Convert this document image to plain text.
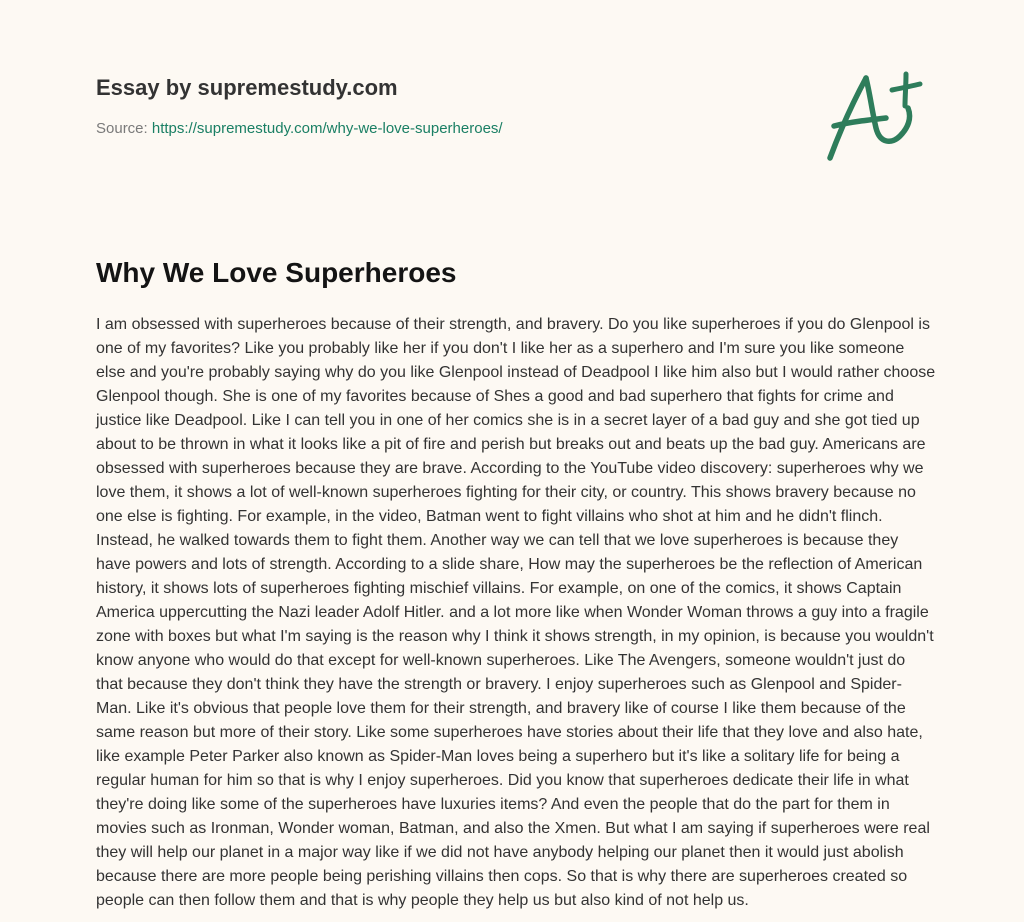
Essay by supremestudy.com
Source: https://supremestudy.com/why-we-love-superheroes/
Why We Love Superheroes

I am obsessed with superheroes because of their strength, and bravery. Do you like superheroes if you do Glenpool is one of my favorites? Like you probably like her if you don't I like her as a superhero and I'm sure you like someone else and you're probably saying why do you like Glenpool instead of Deadpool I like him also but I would rather choose Glenpool though. She is one of my favorites because of Shes a good and bad superhero that fights for crime and justice like Deadpool. Like I can tell you in one of her comics she is in a secret layer of a bad guy and she got tied up about to be thrown in what it looks like a pit of fire and perish but breaks out and beats up the bad guy. Americans are obsessed with superheroes because they are brave. According to the YouTube video discovery: superheroes why we love them, it shows a lot of well-known superheroes fighting for their city, or country. This shows bravery because no one else is fighting. For example, in the video, Batman went to fight villains who shot at him and he didn't flinch. Instead, he walked towards them to fight them. Another way we can tell that we love superheroes is because they have powers and lots of strength. According to a slide share, How may the superheroes be the reflection of American history, it shows lots of superheroes fighting mischief villains. For example, on one of the comics, it shows Captain America uppercutting the Nazi leader Adolf Hitler. and a lot more like when Wonder Woman throws a guy into a fragile zone with boxes but what I'm saying is the reason why I think it shows strength, in my opinion, is because you wouldn't know anyone who would do that except for well-known superheroes. Like The Avengers, someone wouldn't just do that because they don't think they have the strength or bravery. I enjoy superheroes such as Glenpool and Spider-Man. Like it's obvious that people love them for their strength, and bravery like of course I like them because of the same reason but more of their story. Like some superheroes have stories about their life that they love and also hate, like example Peter Parker also known as Spider-Man loves being a superhero but it's like a solitary life for being a regular human for him so that is why I enjoy superheroes. Did you know that superheroes dedicate their life in what they're doing like some of the superheroes have luxuries items? And even the people that do the part for them in movies such as Ironman, Wonder woman, Batman, and also the Xmen. But what I am saying if superheroes were real they will help our planet in a major way like if we did not have anybody helping our planet then it would just abolish because there are more people being perishing villains then cops. So that is why there are superheroes created so people can then follow them and that is why people they help us but also kind of not help us.
